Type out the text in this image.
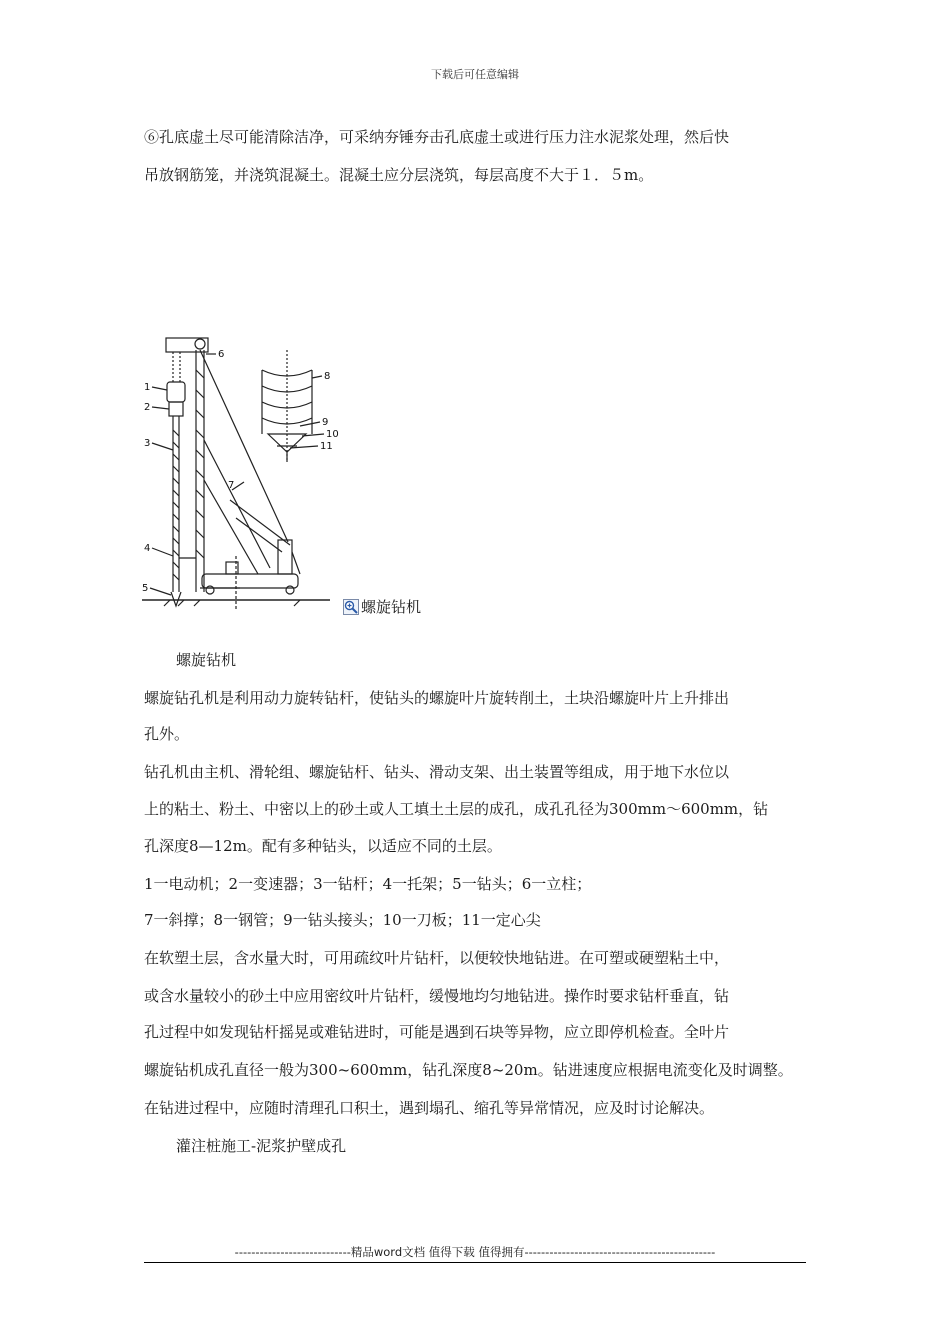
下载后可任意编辑
⑥孔底虚土尽可能清除洁净，可采纳夯锤夯击孔底虚土或进行压力注水泥浆处理，然后快
吊放钢筋笼，并浇筑混凝土。混凝土应分层浇筑，每层高度不大于１．５m。
1
2
3
4
5
6
7
8
9
10
11
螺旋钻机
螺旋钻机
螺旋钻孔机是利用动力旋转钻杆，使钻头的螺旋叶片旋转削土，土块沿螺旋叶片上升排出
孔外。
钻孔机由主机、滑轮组、螺旋钻杆、钻头、滑动支架、出土装置等组成，用于地下水位以
上的粘土、粉土、中密以上的砂土或人工填土土层的成孔，成孔孔径为300mm～600mm，钻
孔深度8—12m。配有多种钻头，以适应不同的土层。
1一电动机；2一变速器；3一钻杆；4一托架；5一钻头；6一立柱；
7一斜撑；8一钢管；9一钻头接头；10一刀板；11一定心尖
在软塑土层，含水量大时，可用疏纹叶片钻杆，以便较快地钻进。在可塑或硬塑粘土中，
或含水量较小的砂土中应用密纹叶片钻杆，缓慢地均匀地钻进。操作时要求钻杆垂直，钻
孔过程中如发现钻杆摇晃或难钻进时，可能是遇到石块等异物，应立即停机检查。全叶片
螺旋钻机成孔直径一般为300~600mm，钻孔深度8~20m。钻进速度应根据电流变化及时调整。
在钻进过程中，应随时清理孔口积土，遇到塌孔、缩孔等异常情况，应及时讨论解决。
灌注桩施工-泥浆护壁成孔
----------------------------精品word文档 值得下载 值得拥有----------------------------------------------
